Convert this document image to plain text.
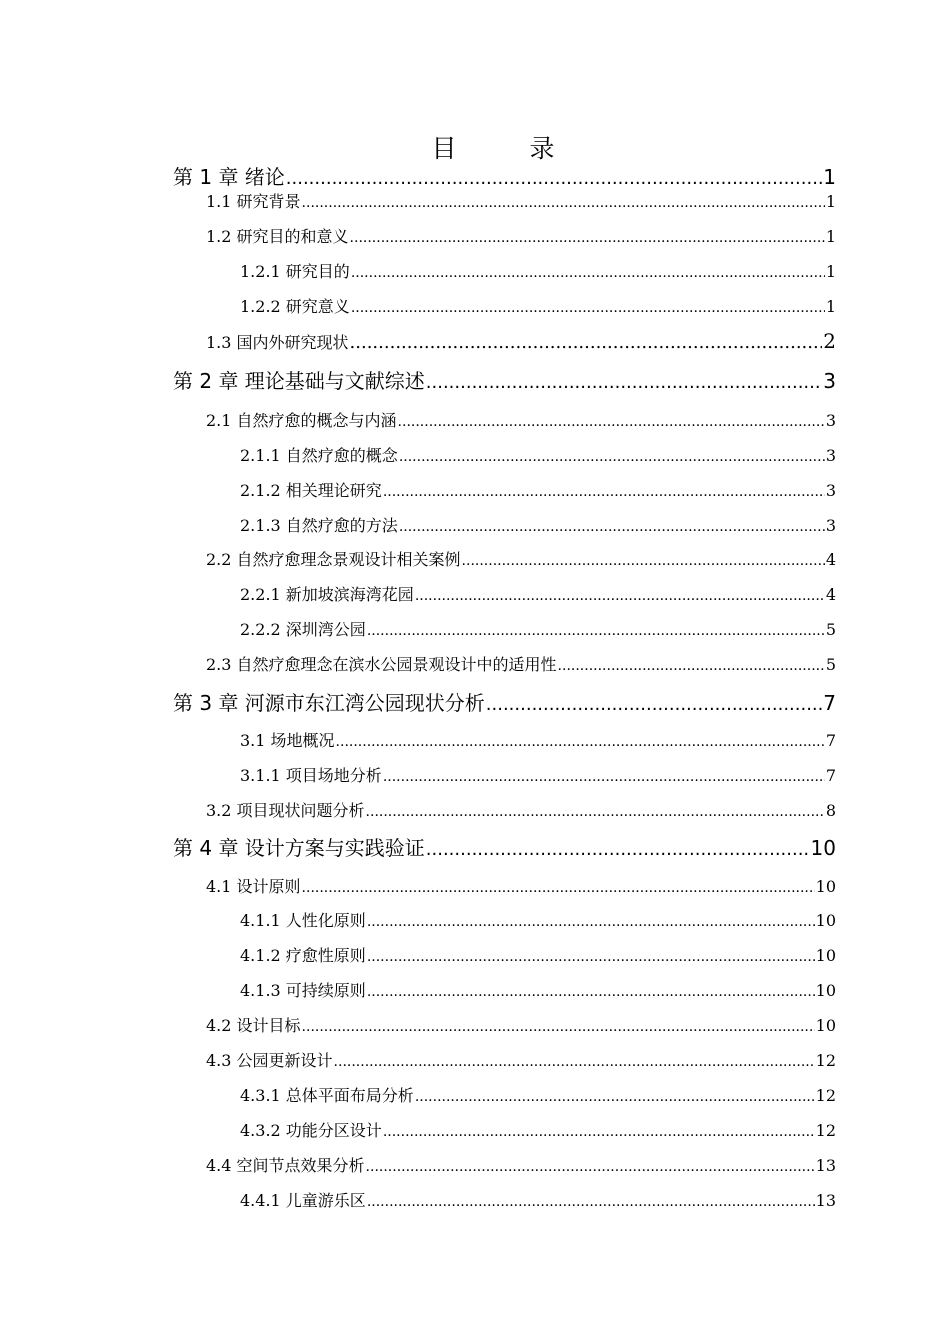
目　录
第 1 章 绪论 .....	1
1.1 研究背景 .....	1
1.2 研究目的和意义 .....	1
1.2.1 研究目的 .....	1
1.2.2 研究意义 .....	1
1.3 国内外研究现状 .....	2
第 2 章 理论基础与文献综述 .....	3
2.1 自然疗愈的概念与内涵 .....	3
2.1.1 自然疗愈的概念 .....	3
2.1.2 相关理论研究 .....	3
2.1.3 自然疗愈的方法 .....	3
2.2 自然疗愈理念景观设计相关案例 .....	4
2.2.1 新加坡滨海湾花园 .....	4
2.2.2 深圳湾公园 .....	5
2.3 自然疗愈理念在滨水公园景观设计中的适用性 .....	5
第 3 章 河源市东江湾公园现状分析 .....	7
3.1 场地概况 .....	7
3.1.1 项目场地分析 .....	7
3.2 项目现状问题分析 .....	8
第 4 章 设计方案与实践验证 .....	10
4.1 设计原则 .....	10
4.1.1 人性化原则 .....	10
4.1.2 疗愈性原则 .....	10
4.1.3 可持续原则 .....	10
4.2 设计目标 .....	10
4.3 公园更新设计 .....	12
4.3.1 总体平面布局分析 .....	12
4.3.2 功能分区设计 .....	12
4.4 空间节点效果分析 .....	13
4.4.1 儿童游乐区 .....	13
